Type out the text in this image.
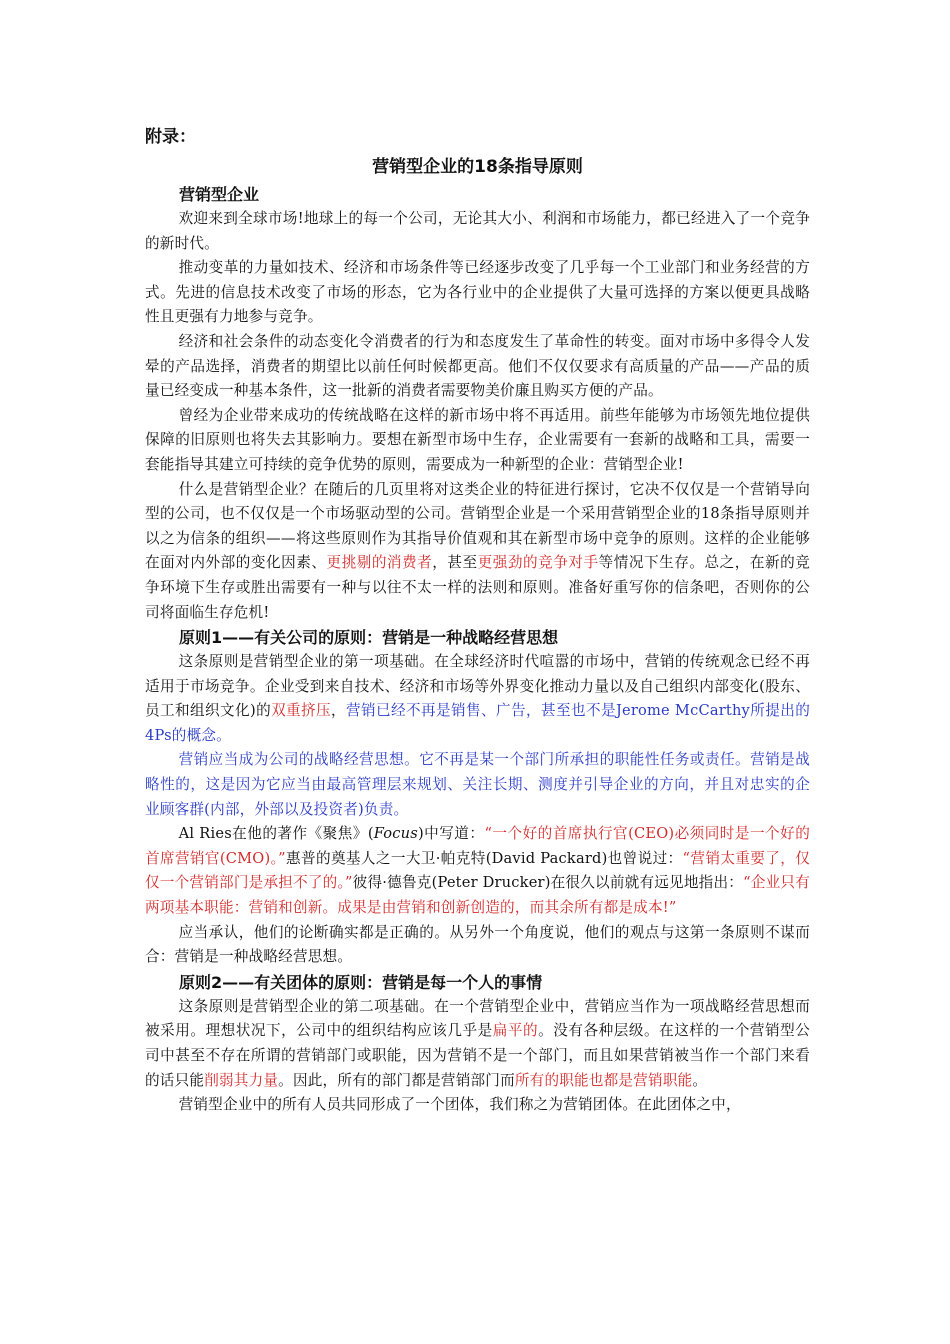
附录：
营销型企业的18条指导原则
营销型企业

欢迎来到全球市场!地球上的每一个公司，无论其大小、利润和市场能力，都已经进入了一个竞争的新时代。

推动变革的力量如技术、经济和市场条件等已经逐步改变了几乎每一个工业部门和业务经营的方式。先进的信息技术改变了市场的形态，它为各行业中的企业提供了大量可选择的方案以便更具战略性且更强有力地参与竞争。

经济和社会条件的动态变化令消费者的行为和态度发生了革命性的转变。面对市场中多得令人发晕的产品选择，消费者的期望比以前任何时候都更高。他们不仅仅要求有高质量的产品——产品的质量已经变成一种基本条件，这一批新的消费者需要物美价廉且购买方便的产品。

曾经为企业带来成功的传统战略在这样的新市场中将不再适用。前些年能够为市场领先地位提供保障的旧原则也将失去其影响力。要想在新型市场中生存，企业需要有一套新的战略和工具，需要一套能指导其建立可持续的竞争优势的原则，需要成为一种新型的企业：营销型企业!

什么是营销型企业？在随后的几页里将对这类企业的特征进行探讨，它决不仅仅是一个营销导向型的公司，也不仅仅是一个市场驱动型的公司。营销型企业是一个采用营销型企业的18条指导原则并以之为信条的组织——将这些原则作为其指导价值观和其在新型市场中竞争的原则。这样的企业能够在面对内外部的变化因素、更挑剔的消费者，甚至更强劲的竞争对手等情况下生存。总之，在新的竞争环境下生存或胜出需要有一种与以往不太一样的法则和原则。准备好重写你的信条吧，否则你的公司将面临生存危机!

原则1——有关公司的原则：营销是一种战略经营思想

这条原则是营销型企业的第一项基础。在全球经济时代喧嚣的市场中，营销的传统观念已经不再适用于市场竞争。企业受到来自技术、经济和市场等外界变化推动力量以及自己组织内部变化(股东、员工和组织文化)的双重挤压，营销已经不再是销售、广告，甚至也不是Jerome McCarthy所提出的4Ps的概念。

营销应当成为公司的战略经营思想。它不再是某一个部门所承担的职能性任务或责任。营销是战略性的，这是因为它应当由最高管理层来规划、关注长期、测度并引导企业的方向，并且对忠实的企业顾客群(内部，外部以及投资者)负责。

Al Ries在他的著作《聚焦》(Focus)中写道：“一个好的首席执行官(CEO)必须同时是一个好的首席营销官(CMO)。”惠普的奠基人之一大卫·帕克特(David Packard)也曾说过：“营销太重要了，仅仅一个营销部门是承担不了的。”彼得·德鲁克(Peter Drucker)在很久以前就有远见地指出：“企业只有两项基本职能：营销和创新。成果是由营销和创新创造的，而其余所有都是成本!”

应当承认，他们的论断确实都是正确的。从另外一个角度说，他们的观点与这第一条原则不谋而合：营销是一种战略经营思想。

原则2——有关团体的原则：营销是每一个人的事情

这条原则是营销型企业的第二项基础。在一个营销型企业中，营销应当作为一项战略经营思想而被采用。理想状况下，公司中的组织结构应该几乎是扁平的。没有各种层级。在这样的一个营销型公司中甚至不存在所谓的营销部门或职能，因为营销不是一个部门，而且如果营销被当作一个部门来看的话只能削弱其力量。因此，所有的部门都是营销部门而所有的职能也都是营销职能。

营销型企业中的所有人员共同形成了一个团体，我们称之为营销团体。在此团体之中，
